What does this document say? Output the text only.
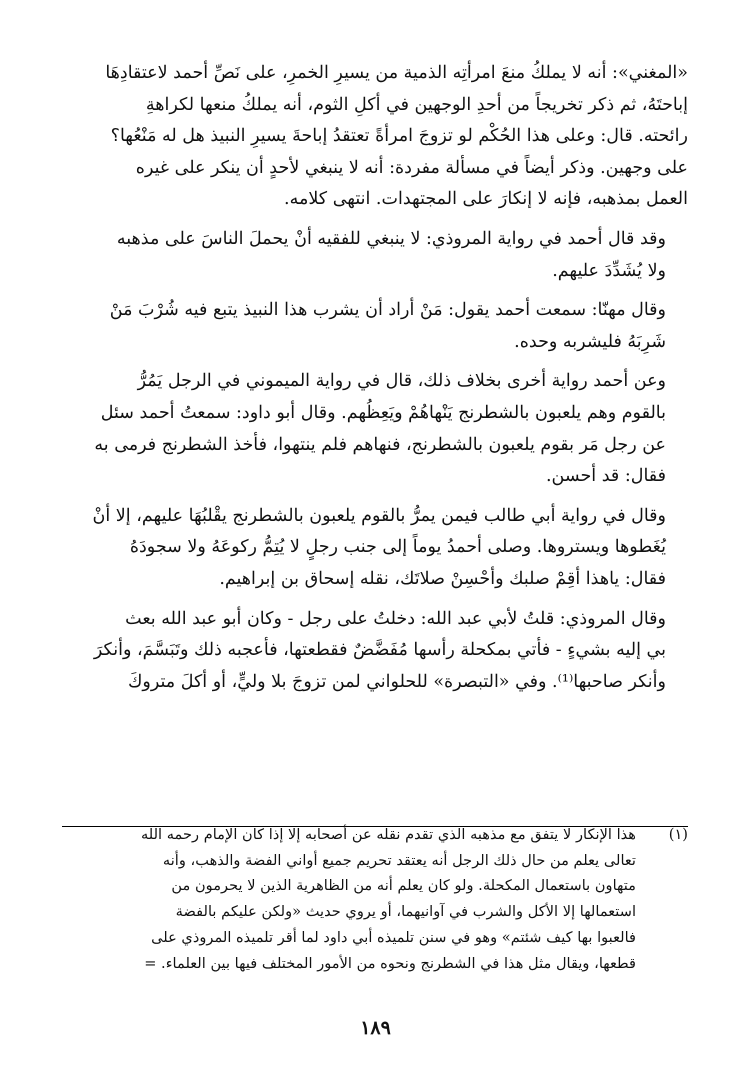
«المغني»: أنه لا يملكُ منعَ امرأتِه الذمية من يسيرِ الخمرِ، على نَصِّ أحمد لاعتقادِهَا
إباحتَهُ، ثم ذكر تخريجاً من أحدِ الوجهين في أكلِ الثوم، أنه يملكُ منعها لكراهةِ
رائحته. قال: وعلى هذا الحُكْم لو تزوجَ امرأةً تعتقدُ إباحةَ يسيرِ النبيذ هل له مَنْعُها؟
على وجهين. وذكر أيضاً في مسألة مفردة: أنه لا ينبغي لأحدٍ أن ينكر على غيره
العمل بمذهبه، فإنه لا إنكارَ على المجتهدات. انتهى كلامه.

وقد قال أحمد في رواية المروذي: لا ينبغي للفقيه أنْ يحملَ الناسَ على مذهبه
ولا يُشَدِّدَ عليهم.

وقال مهنّا: سمعت أحمد يقول: مَنْ أراد أن يشرب هذا النبيذ يتبع فيه شُرْبَ مَنْ
شَرِبَهُ فليشربه وحده.

وعن أحمد رواية أخرى بخلاف ذلك، قال في رواية الميموني في الرجل يَمُرُّ
بالقوم وهم يلعبون بالشطرنج يَنْهاهُمْ ويَعِظُهم. وقال أبو داود: سمعتُ أحمد سئل
عن رجل مَر بقوم يلعبون بالشطرنج، فنهاهم فلم ينتهوا، فأخذ الشطرنج فرمى به
فقال: قد أحسن.

وقال في رواية أبي طالب فيمن يمرُّ بالقوم يلعبون بالشطرنج يقْلبُهَا عليهم، إلا أنْ
يُغَطوها ويستروها. وصلى أحمدُ يوماً إلى جنب رجلٍ لا يُتِمُّ ركوعَهُ ولا سجودَهُ
فقال: ياهذا أقِمْ صلبك وأحْسِنْ صلاتَك، نقله إسحاق بن إبراهيم.

وقال المروذي: قلتُ لأبي عبد الله: دخلتُ على رجل - وكان أبو عبد الله بعث
بي إليه بشيءٍ - فأتي بمكحلة رأسها مُفَضَّضٌ فقطعتها، فأعجبه ذلك وتَبَسَّمَ، وأنكرَ
وأنكر صاحبها⁽¹⁾. وفي «التبصرة» للحلواني لمن تزوجَ بلا وليٍّ، أو أكلَ متروكَ

(١)
هذا الإنكار لا يتفق مع مذهبه الذي تقدم نقله عن أصحابه إلا إذا كان الإمام رحمه الله
تعالى يعلم من حال ذلك الرجل أنه يعتقد تحريم جميع أواني الفضة والذهب، وأنه
متهاون باستعمال المكحلة. ولو كان يعلم أنه من الظاهرية الذين لا يحرمون من
استعمالها إلا الأكل والشرب في آوانيهما، أو يروي حديث «ولكن عليكم بالفضة
فالعبوا بها كيف شئتم» وهو في سنن تلميذه أبي داود لما أقر تلميذه المروذي على
قطعها، ويقال مثل هذا في الشطرنج ونحوه من الأمور المختلف فيها بين العلماء. =
١٨٩
